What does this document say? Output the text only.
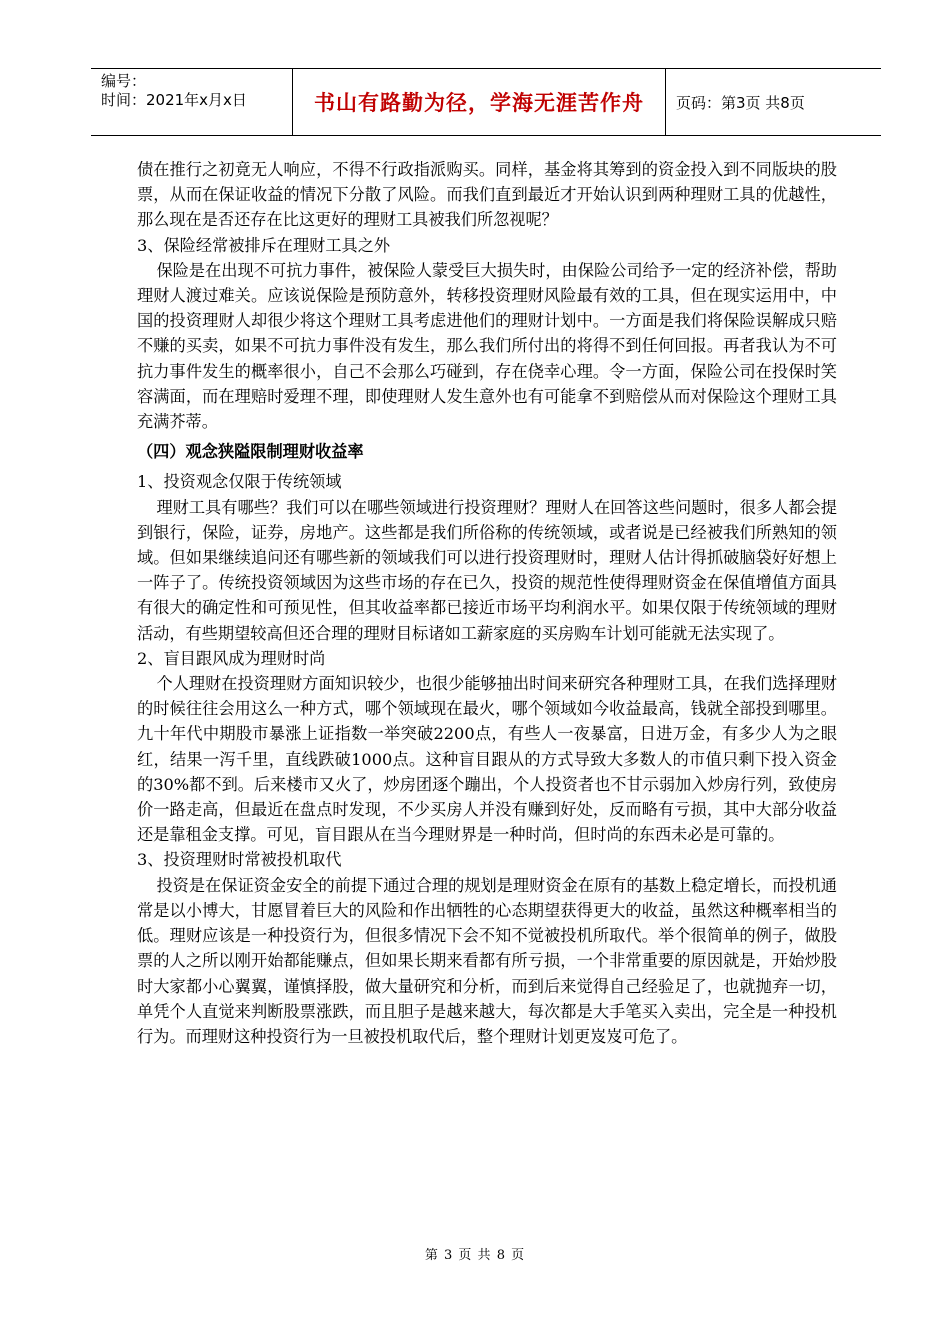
编号：
时间：2021年x月x日	书山有路勤为径，学海无涯苦作舟	页码：第3页 共8页

债在推行之初竟无人响应，不得不行政指派购买。同样，基金将其筹到的资金投入到不同版块的股票，从而在保证收益的情况下分散了风险。而我们直到最近才开始认识到两种理财工具的优越性，那么现在是否还存在比这更好的理财工具被我们所忽视呢？

3、保险经常被排斥在理财工具之外

保险是在出现不可抗力事件，被保险人蒙受巨大损失时，由保险公司给予一定的经济补偿，帮助理财人渡过难关。应该说保险是预防意外，转移投资理财风险最有效的工具，但在现实运用中，中国的投资理财人却很少将这个理财工具考虑进他们的理财计划中。一方面是我们将保险误解成只赔不赚的买卖，如果不可抗力事件没有发生，那么我们所付出的将得不到任何回报。再者我认为不可抗力事件发生的概率很小，自己不会那么巧碰到，存在侥幸心理。令一方面，保险公司在投保时笑容满面，而在理赔时爱理不理，即使理财人发生意外也有可能拿不到赔偿从而对保险这个理财工具充满芥蒂。

（四）观念狭隘限制理财收益率

1、投资观念仅限于传统领域

理财工具有哪些？我们可以在哪些领域进行投资理财？理财人在回答这些问题时，很多人都会提到银行，保险，证券，房地产。这些都是我们所俗称的传统领域，或者说是已经被我们所熟知的领域。但如果继续追问还有哪些新的领域我们可以进行投资理财时，理财人估计得抓破脑袋好好想上一阵子了。传统投资领域因为这些市场的存在已久，投资的规范性使得理财资金在保值增值方面具有很大的确定性和可预见性，但其收益率都已接近市场平均利润水平。如果仅限于传统领域的理财活动，有些期望较高但还合理的理财目标诸如工薪家庭的买房购车计划可能就无法实现了。

2、盲目跟风成为理财时尚

个人理财在投资理财方面知识较少，也很少能够抽出时间来研究各种理财工具，在我们选择理财的时候往往会用这么一种方式，哪个领域现在最火，哪个领域如今收益最高，钱就全部投到哪里。九十年代中期股市暴涨上证指数一举突破2200点，有些人一夜暴富，日进万金，有多少人为之眼红，结果一泻千里，直线跌破1000点。这种盲目跟从的方式导致大多数人的市值只剩下投入资金的30%都不到。后来楼市又火了，炒房团逐个蹦出，个人投资者也不甘示弱加入炒房行列，致使房价一路走高，但最近在盘点时发现，不少买房人并没有赚到好处，反而略有亏损，其中大部分收益还是靠租金支撑。可见，盲目跟从在当今理财界是一种时尚，但时尚的东西未必是可靠的。

3、投资理财时常被投机取代

投资是在保证资金安全的前提下通过合理的规划是理财资金在原有的基数上稳定增长，而投机通常是以小博大，甘愿冒着巨大的风险和作出牺牲的心态期望获得更大的收益，虽然这种概率相当的低。理财应该是一种投资行为，但很多情况下会不知不觉被投机所取代。举个很简单的例子，做股票的人之所以刚开始都能赚点，但如果长期来看都有所亏损，一个非常重要的原因就是，开始炒股时大家都小心翼翼，谨慎择股，做大量研究和分析，而到后来觉得自己经验足了，也就抛弃一切，单凭个人直觉来判断股票涨跌，而且胆子是越来越大，每次都是大手笔买入卖出，完全是一种投机行为。而理财这种投资行为一旦被投机取代后，整个理财计划更岌岌可危了。

第 3 页 共 8 页
